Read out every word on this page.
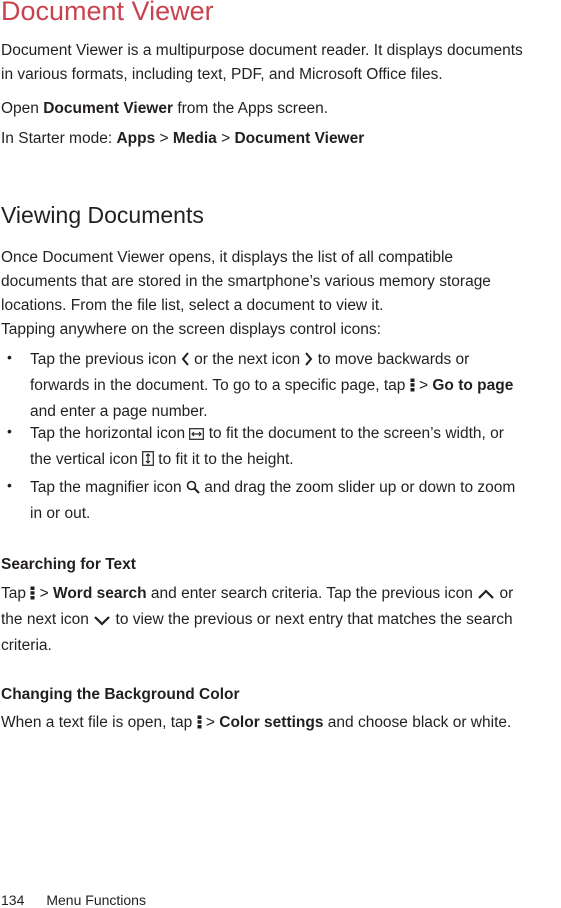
Document Viewer
Document Viewer is a multipurpose document reader. It displays documents
in various formats, including text, PDF, and Microsoft Office files.
Open Document Viewer from the Apps screen.
In Starter mode: Apps > Media > Document Viewer
Viewing Documents
Once Document Viewer opens, it displays the list of all compatible
documents that are stored in the smartphone’s various memory storage
locations. From the file list, select a document to view it.
Tapping anywhere on the screen displays control icons:
• Tap the previous icon  or the next icon  to move backwards or
forwards in the document. To go to a specific page, tap  > Go to page
and enter a page number.
• Tap the horizontal icon  to fit the document to the screen’s width, or
the vertical icon  to fit it to the height.
• Tap the magnifier icon  and drag the zoom slider up or down to zoom
in or out.
Searching for Text
Tap  > Word search and enter search criteria. Tap the previous icon  or
the next icon  to view the previous or next entry that matches the search
criteria.
Changing the Background Color
When a text file is open, tap  > Color settings and choose black or white.
134 Menu Functions
